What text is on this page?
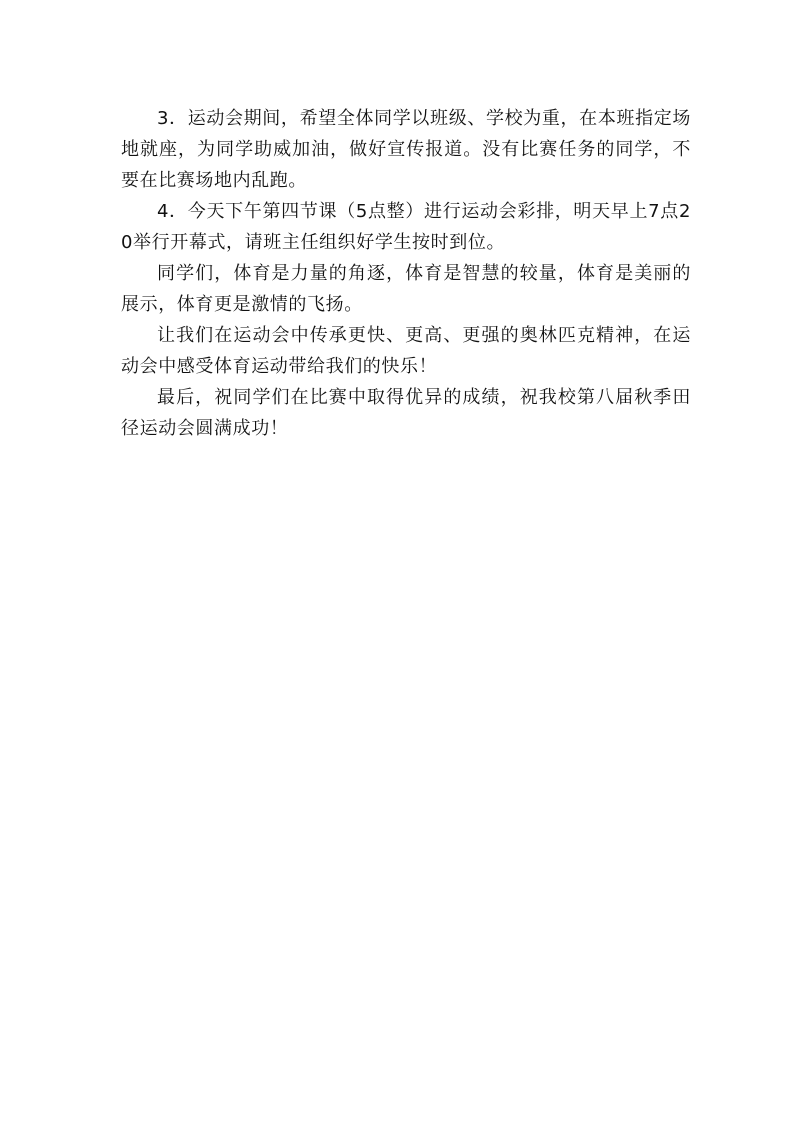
3．运动会期间，希望全体同学以班级、学校为重，在本班指定场地就座，为同学助威加油，做好宣传报道。没有比赛任务的同学，不要在比赛场地内乱跑。

4．今天下午第四节课（5点整）进行运动会彩排，明天早上7点20举行开幕式，请班主任组织好学生按时到位。

同学们，体育是力量的角逐，体育是智慧的较量，体育是美丽的展示，体育更是激情的飞扬。

让我们在运动会中传承更快、更高、更强的奥林匹克精神，在运动会中感受体育运动带给我们的快乐！

最后，祝同学们在比赛中取得优异的成绩，祝我校第八届秋季田径运动会圆满成功！
